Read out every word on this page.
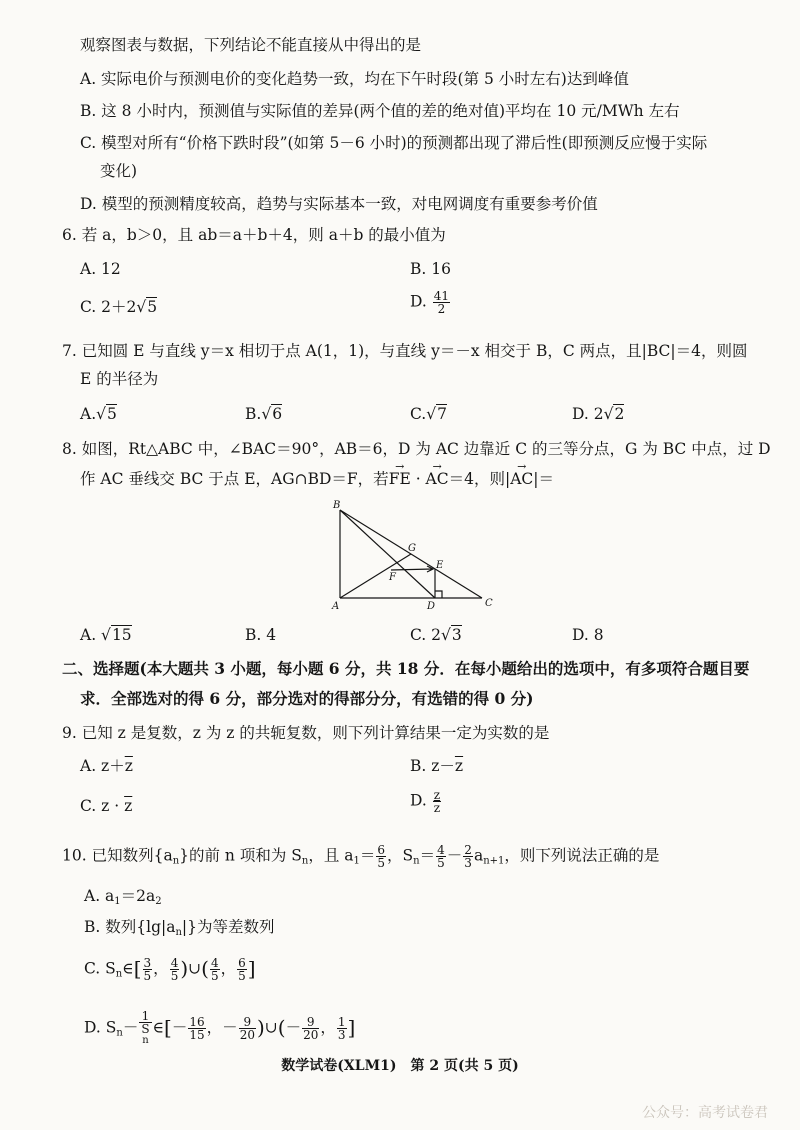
观察图表与数据，下列结论不能直接从中得出的是
A. 实际电价与预测电价的变化趋势一致，均在下午时段(第 5 小时左右)达到峰值
B. 这 8 小时内，预测值与实际值的差异(两个值的差的绝对值)平均在 10 元/MWh 左右
C. 模型对所有“价格下跌时段”(如第 5－6 小时)的预测都出现了滞后性(即预测反应慢于实际
变化)
D. 模型的预测精度较高，趋势与实际基本一致，对电网调度有重要参考价值
6. 若 a，b＞0，且 ab＝a＋b＋4，则 a＋b 的最小值为
A. 12	B. 16
C. 2＋2√5	D. $\frac{41}{2}$
7. 已知圆 E 与直线 y＝x 相切于点 A(1，1)，与直线 y＝－x 相交于 B，C 两点，且|BC|＝4，则圆
E 的半径为
A.√5	B.√6	C.√7	D. 2√2
8. 如图，Rt△ABC 中，∠BAC＝90°，AB＝6，D 为 AC 边靠近 C 的三等分点，G 为 BC 中点，过 D
作 AC 垂线交 BC 于点 E，AG∩BD＝F，若→ FE · → AC＝4，则|→ AC|＝
B
G
F
E
A	D	C
A. √15	B. 4	C. 2√3	D. 8
二、选择题(本大题共 3 小题，每小题 6 分，共 18 分．在每小题给出的选项中，有多项符合题目要
求．全部选对的得 6 分，部分选对的得部分分，有选错的得 0 分)
9. 已知 z 是复数，z 为 z 的共轭复数，则下列计算结果一定为实数的是
A. $z+\overline{z}$	B. $z-\overline{z}$
C. $z \cdot \overline{z}$	D. $\frac{z}{z}$
10. 已知数列$\{a_n\}$的前 n 项和为 $S_n$，且 $a_1= \frac{6}{5}$ ，$S_n= \frac{4}{5} - \frac{2}{3} a_{n+1}$，则下列说法正确的是
A. $a_1=2a_2$
B. 数列$\{\lg|a_n|\}$为等差数列
C. $S_n\in[ \frac{3}{5}$ ， $\frac{4}{5}$ )∪( $\frac{4}{5}$ ， $\frac{6}{5}$ ]
D. $S_n- 1$
S
n ∈[－ $\frac{16}{15}$ ，－ $\frac{9}{20}$ )∪(－ $\frac{9}{20}$ ， $\frac{1}{3}$ ]
数学试卷(XLM1)　第 2 页(共 5 页)
公众号：高考试卷君
